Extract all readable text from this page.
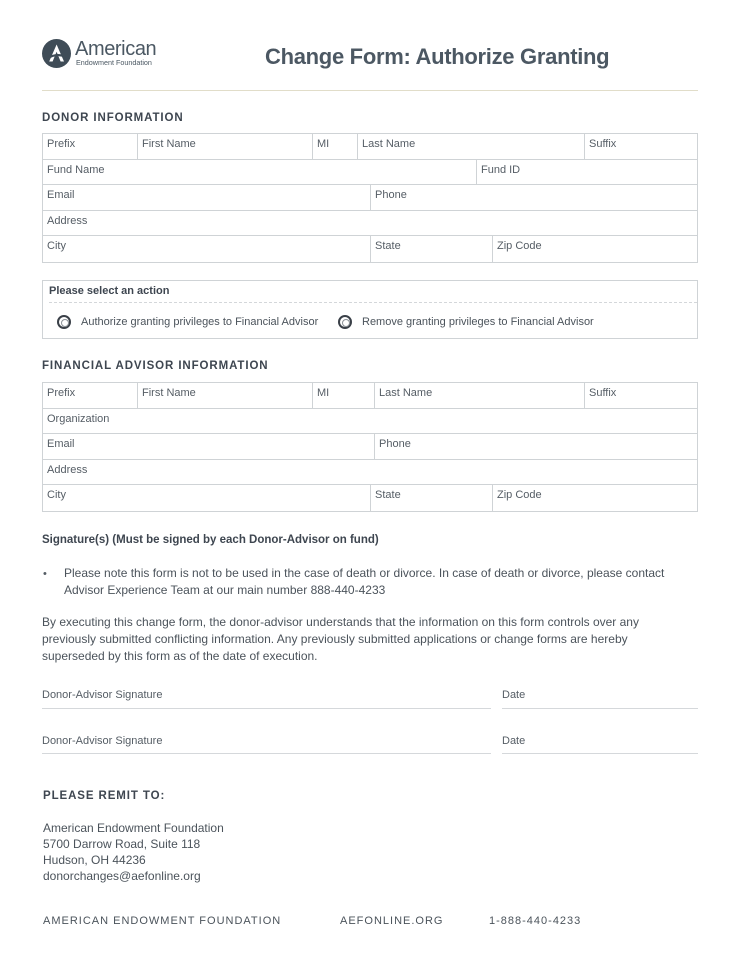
American
Endowment Foundation	Change Form: Authorize Granting
DONOR INFORMATION
Prefix	First Name	MI	Last Name	Suffix
Fund Name	Fund ID
Email	Phone
Address
City	State	Zip Code
Please select an action
Authorize granting privileges to Financial Advisor	Remove granting privileges to Financial Advisor
FINANCIAL ADVISOR INFORMATION
Prefix	First Name	MI	Last Name	Suffix
Organization
Email	Phone
Address
City	State	Zip Code
Signature(s) (Must be signed by each Donor-Advisor on fund)
• Please note this form is not to be used in the case of death or divorce. In case of death or divorce, please contact Advisor Experience Team at our main number 888-440-4233
By executing this change form, the donor-advisor understands that the information on this form controls over any previously submitted conflicting information. Any previously submitted applications or change forms are hereby superseded by this form as of the date of execution.
Donor-Advisor Signature	Date
Donor-Advisor Signature	Date
PLEASE REMIT TO:
American Endowment Foundation
5700 Darrow Road, Suite 118
Hudson, OH 44236
donorchanges@aefonline.org
AMERICAN ENDOWMENT FOUNDATION	AEFONLINE.ORG	1-888-440-4233
